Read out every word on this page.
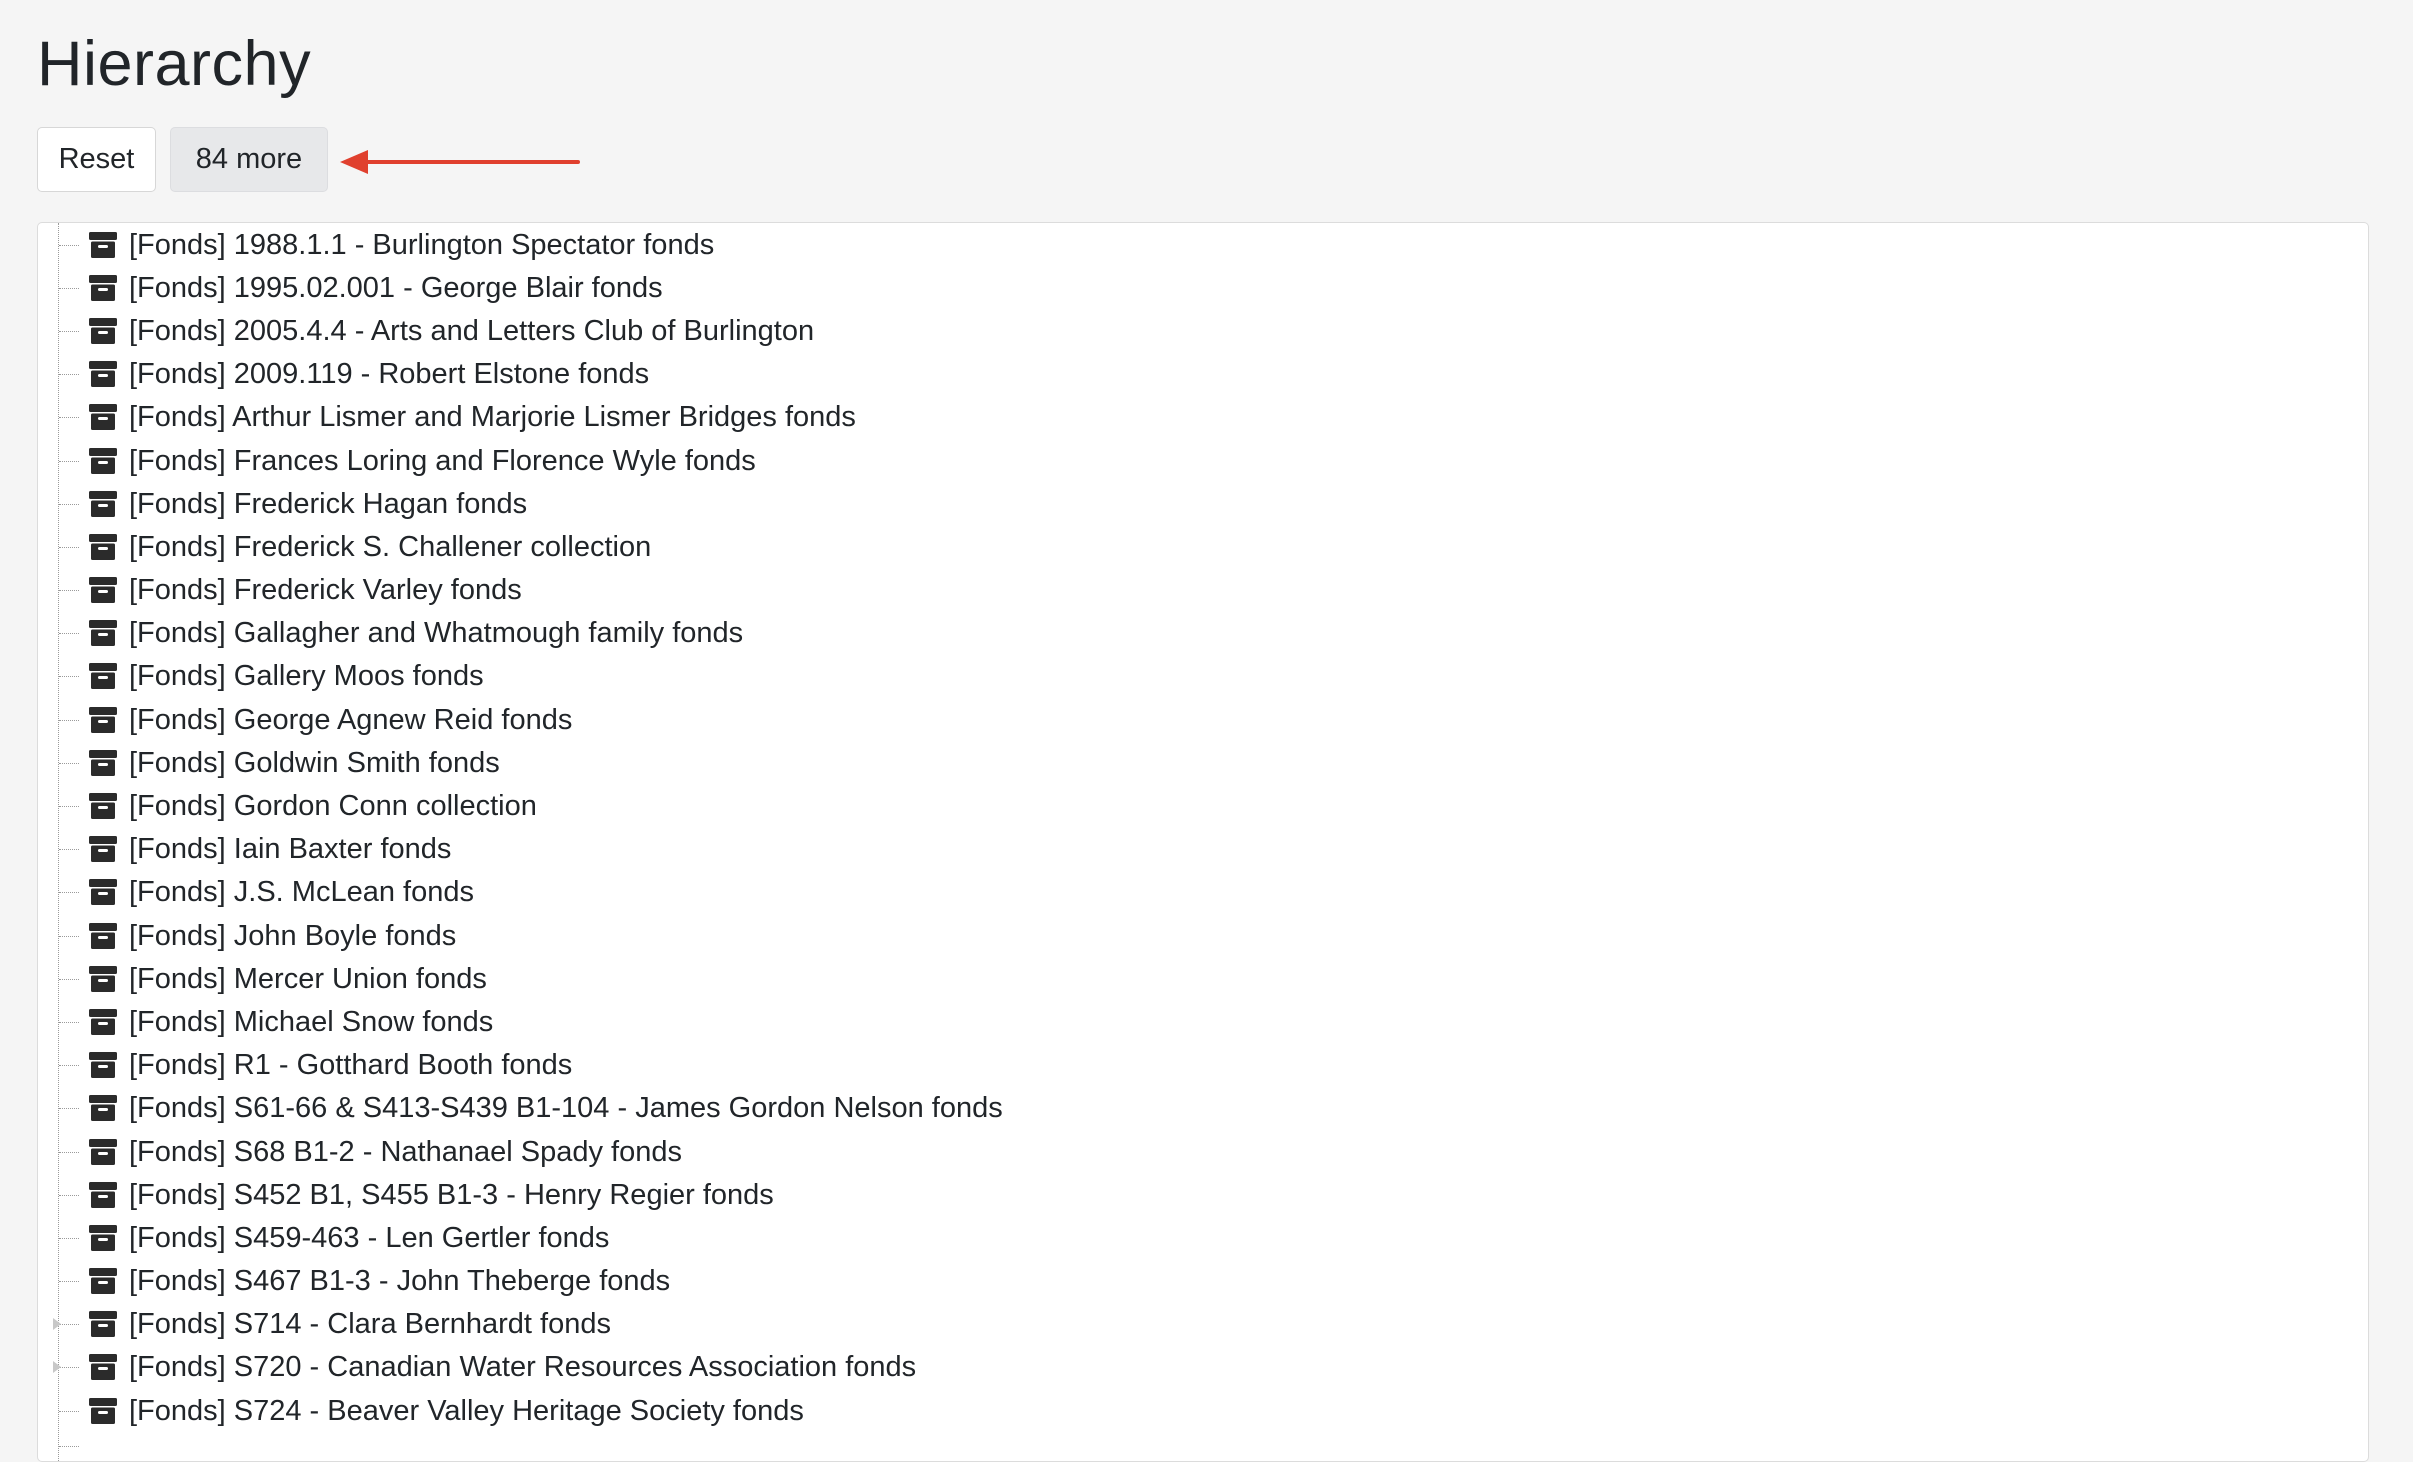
Hierarchy
Reset	84 more
[Fonds] 1988.1.1 - Burlington Spectator fonds
[Fonds] 1995.02.001 - George Blair fonds
[Fonds] 2005.4.4 - Arts and Letters Club of Burlington
[Fonds] 2009.119 - Robert Elstone fonds
[Fonds] Arthur Lismer and Marjorie Lismer Bridges fonds
[Fonds] Frances Loring and Florence Wyle fonds
[Fonds] Frederick Hagan fonds
[Fonds] Frederick S. Challener collection
[Fonds] Frederick Varley fonds
[Fonds] Gallagher and Whatmough family fonds
[Fonds] Gallery Moos fonds
[Fonds] George Agnew Reid fonds
[Fonds] Goldwin Smith fonds
[Fonds] Gordon Conn collection
[Fonds] Iain Baxter fonds
[Fonds] J.S. McLean fonds
[Fonds] John Boyle fonds
[Fonds] Mercer Union fonds
[Fonds] Michael Snow fonds
[Fonds] R1 - Gotthard Booth fonds
[Fonds] S61-66 & S413-S439 B1-104 - James Gordon Nelson fonds
[Fonds] S68 B1-2 - Nathanael Spady fonds
[Fonds] S452 B1, S455 B1-3 - Henry Regier fonds
[Fonds] S459-463 - Len Gertler fonds
[Fonds] S467 B1-3 - John Theberge fonds
[Fonds] S714 - Clara Bernhardt fonds
[Fonds] S720 - Canadian Water Resources Association fonds
[Fonds] S724 - Beaver Valley Heritage Society fonds
